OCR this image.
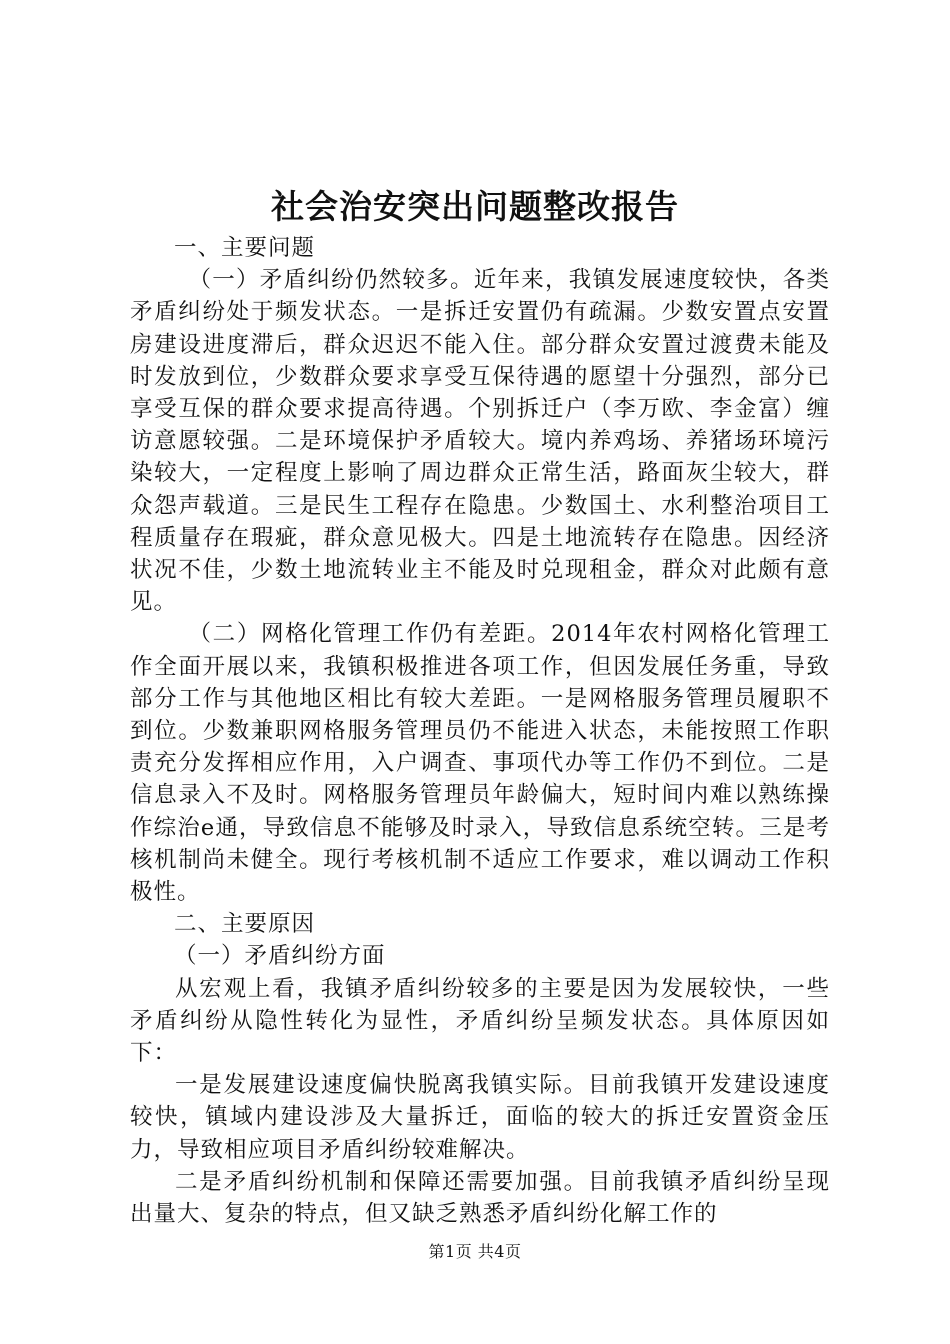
社会治安突出问题整改报告

一、主要问题

（一）矛盾纠纷仍然较多。近年来，我镇发展速度较快，各类矛盾纠纷处于频发状态。一是拆迁安置仍有疏漏。少数安置点安置房建设进度滞后，群众迟迟不能入住。部分群众安置过渡费未能及时发放到位，少数群众要求享受互保待遇的愿望十分强烈，部分已享受互保的群众要求提高待遇。个别拆迁户（李万欧、李金富）缠访意愿较强。二是环境保护矛盾较大。境内养鸡场、养猪场环境污染较大，一定程度上影响了周边群众正常生活，路面灰尘较大，群众怨声载道。三是民生工程存在隐患。少数国土、水利整治项目工程质量存在瑕疵，群众意见极大。四是土地流转存在隐患。因经济状况不佳，少数土地流转业主不能及时兑现租金，群众对此颇有意见。

（二）网格化管理工作仍有差距。2014年农村网格化管理工作全面开展以来，我镇积极推进各项工作，但因发展任务重，导致部分工作与其他地区相比有较大差距。一是网格服务管理员履职不到位。少数兼职网格服务管理员仍不能进入状态，未能按照工作职责充分发挥相应作用，入户调查、事项代办等工作仍不到位。二是信息录入不及时。网格服务管理员年龄偏大，短时间内难以熟练操作综治e通，导致信息不能够及时录入，导致信息系统空转。三是考核机制尚未健全。现行考核机制不适应工作要求，难以调动工作积极性。

二、主要原因

（一）矛盾纠纷方面

从宏观上看，我镇矛盾纠纷较多的主要是因为发展较快，一些矛盾纠纷从隐性转化为显性，矛盾纠纷呈频发状态。具体原因如下：

一是发展建设速度偏快脱离我镇实际。目前我镇开发建设速度较快，镇域内建设涉及大量拆迁，面临的较大的拆迁安置资金压力，导致相应项目矛盾纠纷较难解决。

二是矛盾纠纷机制和保障还需要加强。目前我镇矛盾纠纷呈现出量大、复杂的特点，但又缺乏熟悉矛盾纠纷化解工作的

第1页 共4页
